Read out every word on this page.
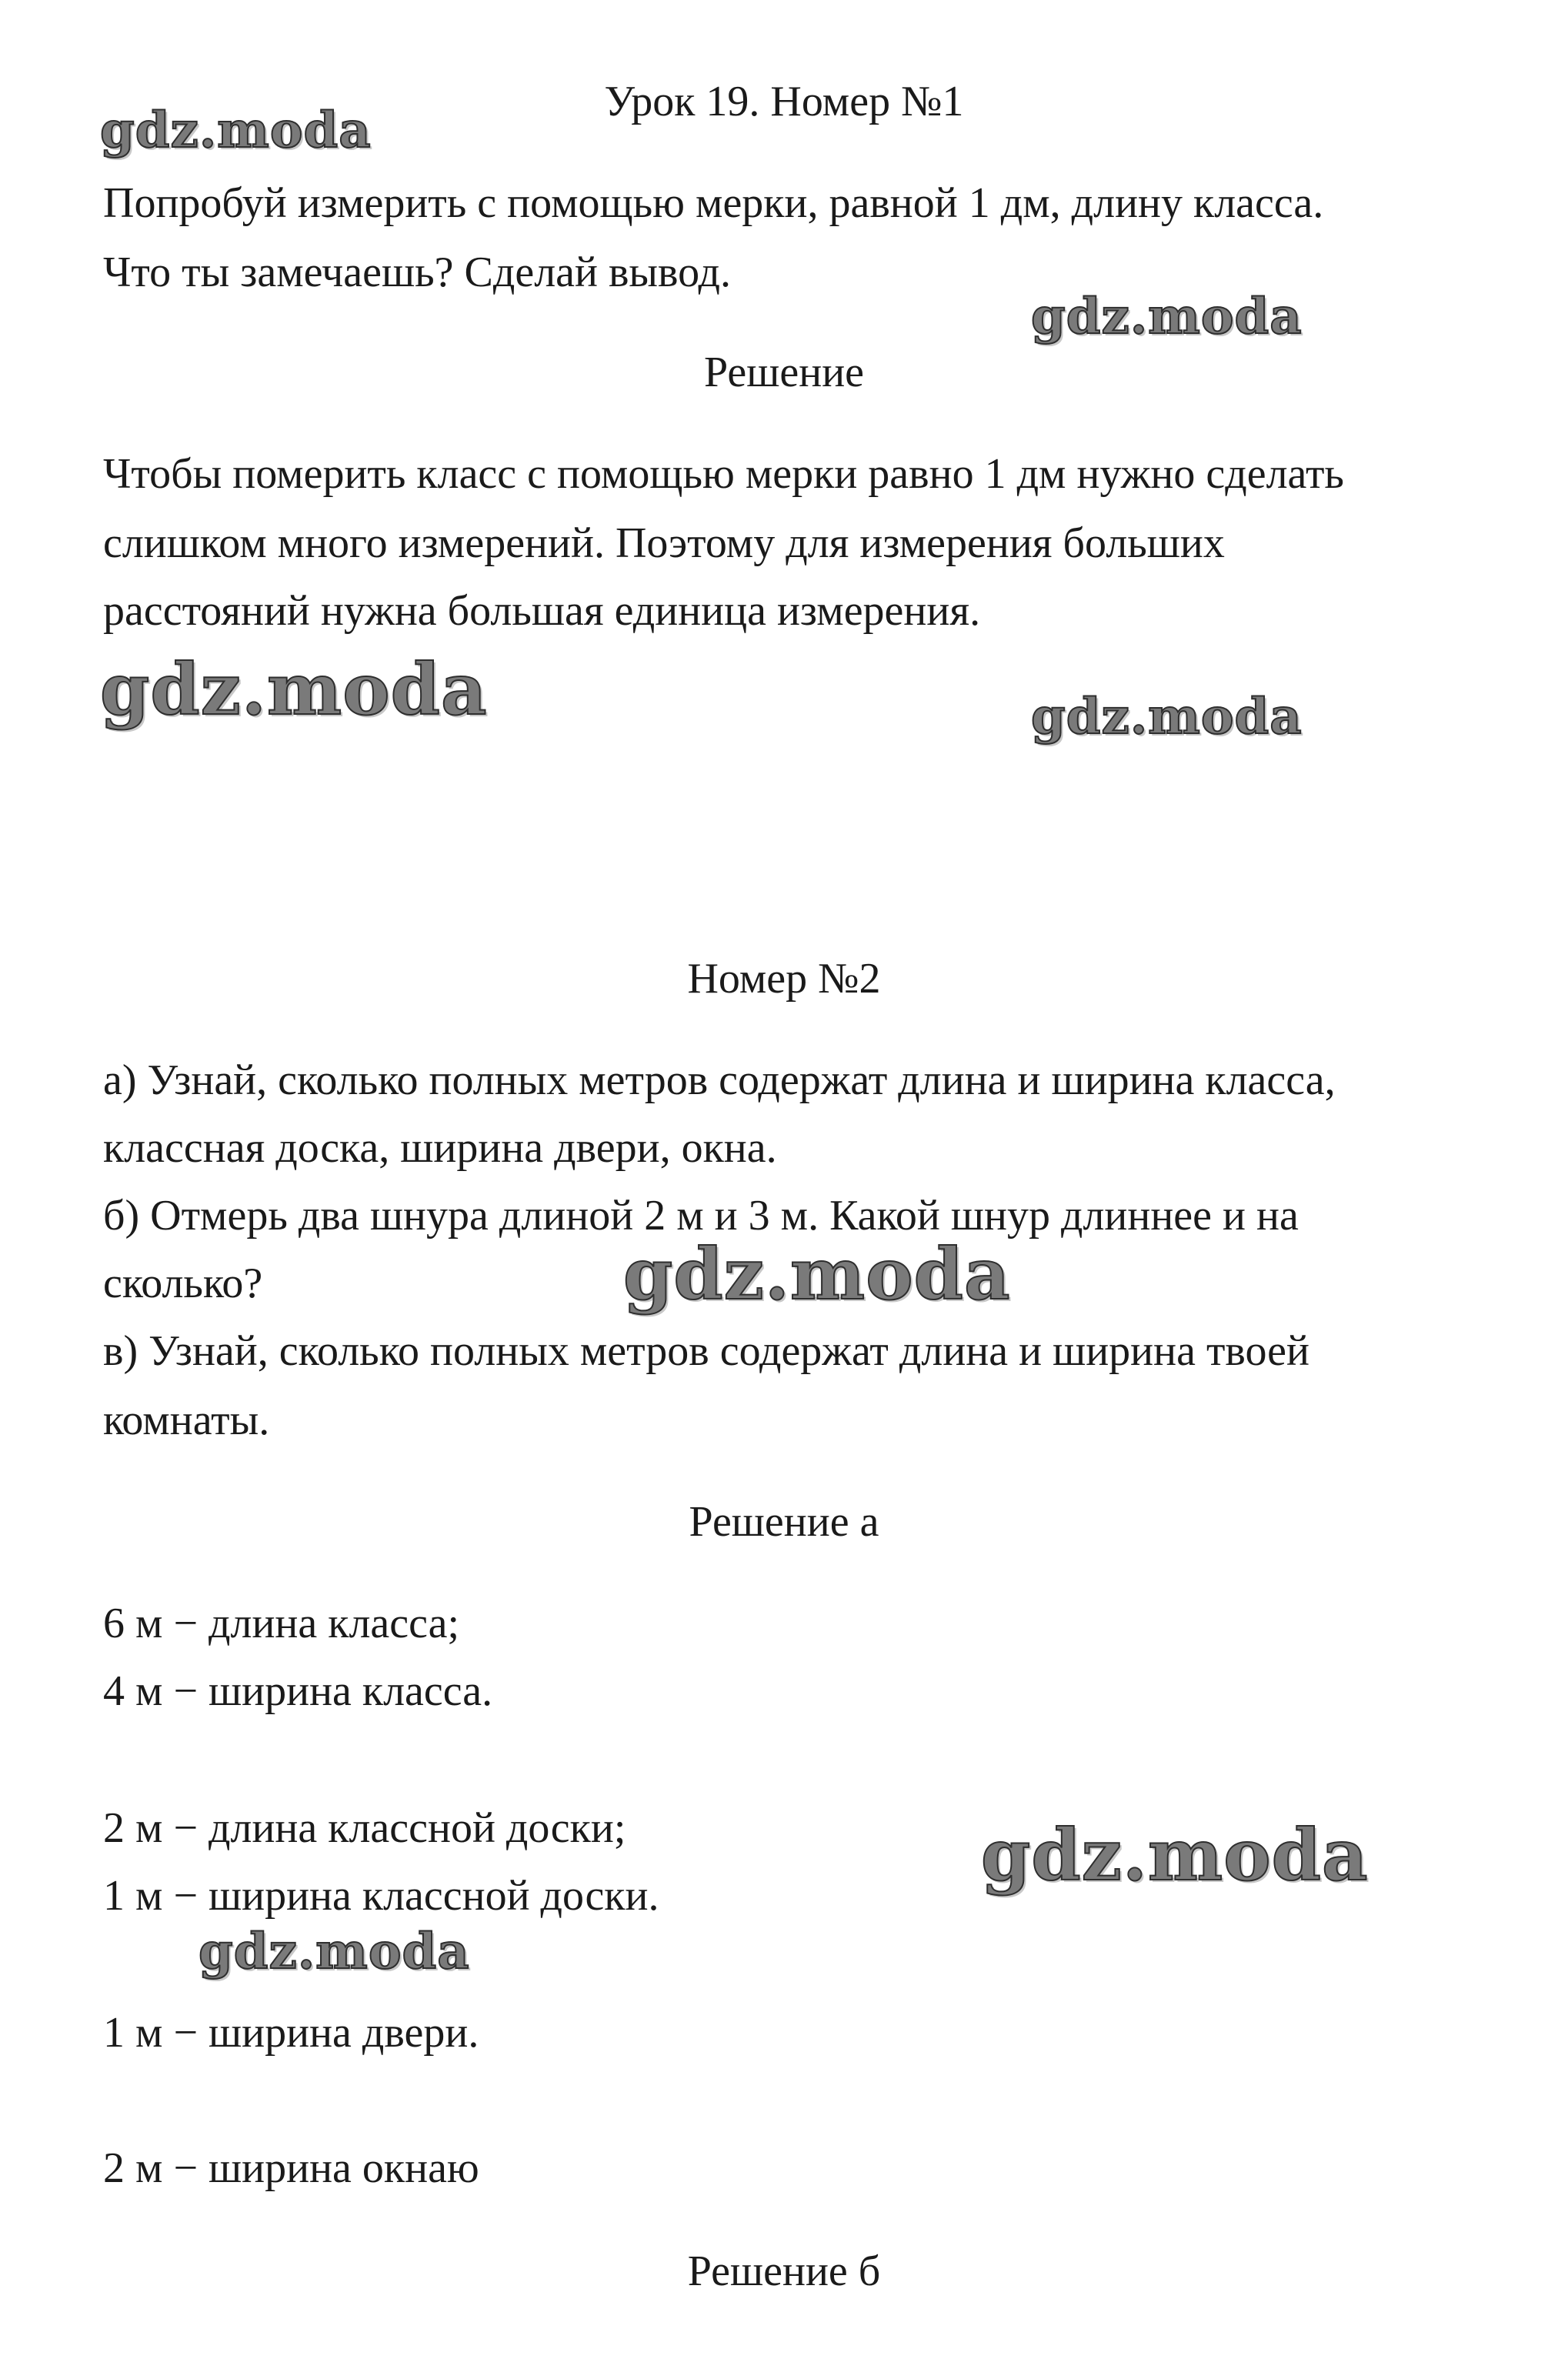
gdz.moda
gdz.moda
gdz.moda	gdz.moda
gdz.moda
gdz.moda
gdz.moda
Урок 19. Номер №1
Попробуй измерить с помощью мерки, равной 1 дм, длину класса.
Что ты замечаешь? Сделай вывод.
Решение
Чтобы померить класс с помощью мерки равно 1 дм нужно сделать
слишком много измерений. Поэтому для измерения больших
расстояний нужна большая единица измерения.
Номер №2
а) Узнай, сколько полных метров содержат длина и ширина класса,
классная доска, ширина двери, окна.
б) Отмерь два шнура длиной 2 м и 3 м. Какой шнур длиннее и на
сколько?
в) Узнай, сколько полных метров содержат длина и ширина твоей
комнаты.
Решение а
6 м − длина класса;
4 м − ширина класса.
2 м − длина классной доски;
1 м − ширина классной доски.
1 м − ширина двери.
2 м − ширина окнаю
Решение б
